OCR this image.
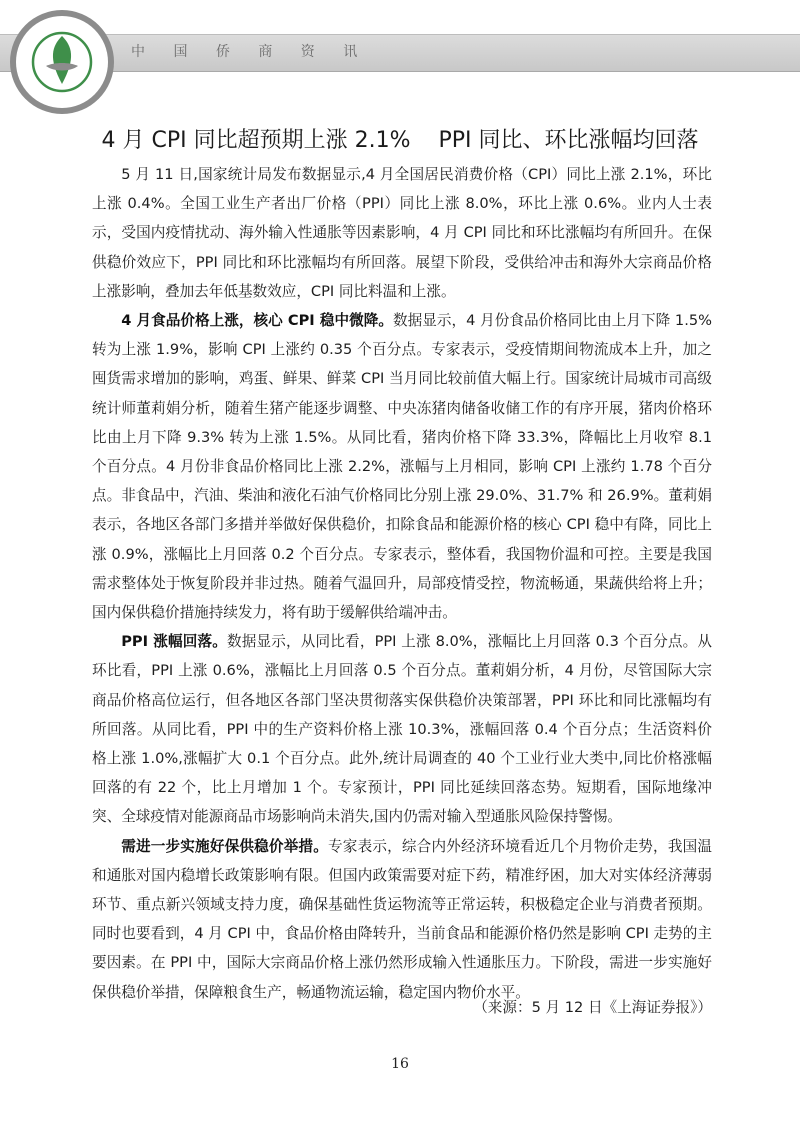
中国侨商联合会
CHINA FEDERATION OF OVERSEAS CHINESE ENTREPRENEURS
中 国 侨 商 资 讯
4 月 CPI 同比超预期上涨 2.1%    PPI 同比、环比涨幅均回落

5 月 11 日,国家统计局发布数据显示,4 月全国居民消费价格（CPI）同比上涨 2.1%，环比上涨 0.4%。全国工业生产者出厂价格（PPI）同比上涨 8.0%，环比上涨 0.6%。业内人士表示，受国内疫情扰动、海外输入性通胀等因素影响，4 月 CPI 同比和环比涨幅均有所回升。在保供稳价效应下，PPI 同比和环比涨幅均有所回落。展望下阶段，受供给冲击和海外大宗商品价格上涨影响，叠加去年低基数效应，CPI 同比料温和上涨。

4 月食品价格上涨，核心 CPI 稳中微降。数据显示，4 月份食品价格同比由上月下降 1.5% 转为上涨 1.9%，影响 CPI 上涨约 0.35 个百分点。专家表示，受疫情期间物流成本上升，加之囤货需求增加的影响，鸡蛋、鲜果、鲜菜 CPI 当月同比较前值大幅上行。国家统计局城市司高级统计师董莉娟分析，随着生猪产能逐步调整、中央冻猪肉储备收储工作的有序开展，猪肉价格环比由上月下降 9.3% 转为上涨 1.5%。从同比看，猪肉价格下降 33.3%，降幅比上月收窄 8.1 个百分点。4 月份非食品价格同比上涨 2.2%，涨幅与上月相同，影响 CPI 上涨约 1.78 个百分点。非食品中，汽油、柴油和液化石油气价格同比分别上涨 29.0%、31.7% 和 26.9%。董莉娟表示，各地区各部门多措并举做好保供稳价，扣除食品和能源价格的核心 CPI 稳中有降，同比上涨 0.9%，涨幅比上月回落 0.2 个百分点。专家表示，整体看，我国物价温和可控。主要是我国需求整体处于恢复阶段并非过热。随着气温回升，局部疫情受控，物流畅通，果蔬供给将上升；国内保供稳价措施持续发力，将有助于缓解供给端冲击。

PPI 涨幅回落。数据显示，从同比看，PPI 上涨 8.0%，涨幅比上月回落 0.3 个百分点。从环比看，PPI 上涨 0.6%，涨幅比上月回落 0.5 个百分点。董莉娟分析，4 月份，尽管国际大宗商品价格高位运行，但各地区各部门坚决贯彻落实保供稳价决策部署，PPI 环比和同比涨幅均有所回落。从同比看，PPI 中的生产资料价格上涨 10.3%，涨幅回落 0.4 个百分点；生活资料价格上涨 1.0%,涨幅扩大 0.1 个百分点。此外,统计局调查的 40 个工业行业大类中,同比价格涨幅回落的有 22 个，比上月增加 1 个。专家预计，PPI 同比延续回落态势。短期看，国际地缘冲突、全球疫情对能源商品市场影响尚未消失,国内仍需对输入型通胀风险保持警惕。

需进一步实施好保供稳价举措。专家表示，综合内外经济环境看近几个月物价走势，我国温和通胀对国内稳增长政策影响有限。但国内政策需要对症下药，精准纾困，加大对实体经济薄弱环节、重点新兴领域支持力度，确保基础性货运物流等正常运转，积极稳定企业与消费者预期。同时也要看到，4 月 CPI 中，食品价格由降转升，当前食品和能源价格仍然是影响 CPI 走势的主要因素。在 PPI 中，国际大宗商品价格上涨仍然形成输入性通胀压力。下阶段，需进一步实施好保供稳价举措，保障粮食生产，畅通物流运输，稳定国内物价水平。

（来源：5 月 12 日《上海证券报》）
16
